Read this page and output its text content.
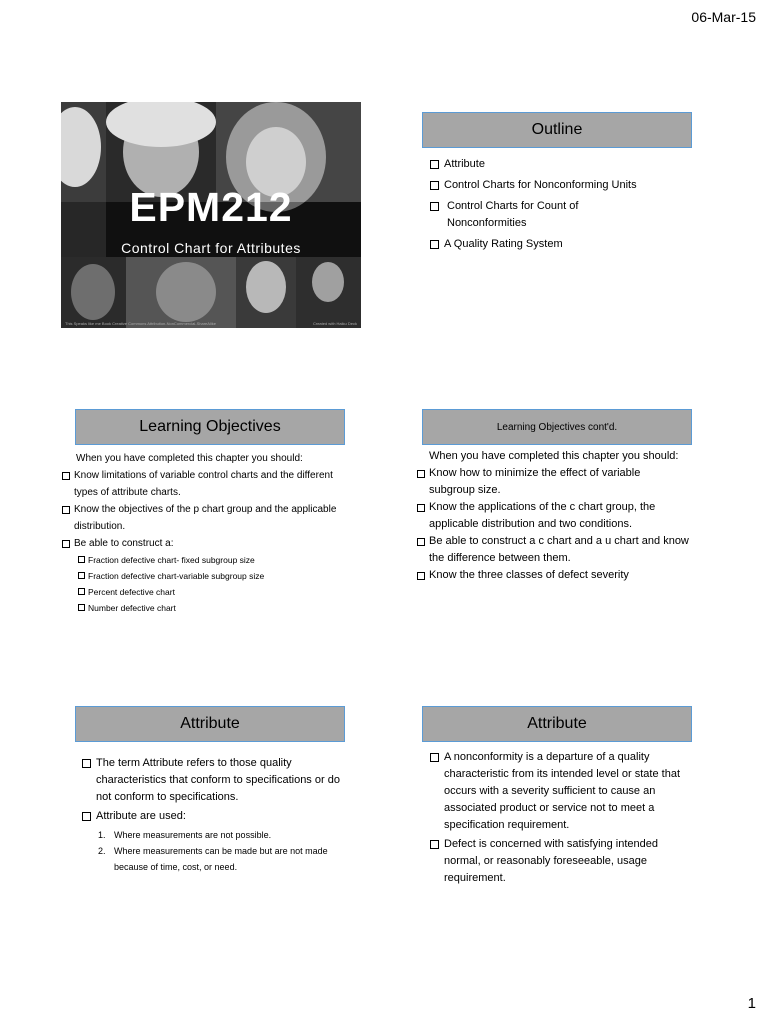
06-Mar-15
EPM212
Control Chart for Attributes
This Speaks like me Book Creative Commons Attribution-NonCommercial-ShareAlike	Created with Haiku Deck
Outline
Attribute
Control Charts for Nonconforming Units
Control Charts for Count of Nonconformities
A Quality Rating System
Learning Objectives
When you have completed this chapter you should:
Know limitations of variable control charts and the different types of attribute charts.
Know the objectives of the p chart group and the applicable distribution.
Be able to construct a:
Fraction defective chart- fixed subgroup size
Fraction defective chart-variable subgroup size
Percent defective chart
Number defective chart
Learning Objectives cont'd.
When you have completed this chapter you should:
Know how to minimize the effect of variable subgroup size.
Know the applications of the c chart group, the applicable distribution and two conditions.
Be able to construct a c chart and a u chart and know the difference between them.
Know the three classes of defect severity
Attribute
The term Attribute refers to those quality characteristics that conform to specifications or do not conform to specifications.
Attribute are used:
1. Where measurements are not possible.
2. Where measurements can be made but are not made because of time, cost, or need.
Attribute
A nonconformity is a departure of a quality characteristic from its intended level or state that occurs with a severity sufficient to cause an associated product or service not to meet a specification requirement.
Defect is concerned with satisfying intended normal, or reasonably foreseeable, usage requirement.
1
